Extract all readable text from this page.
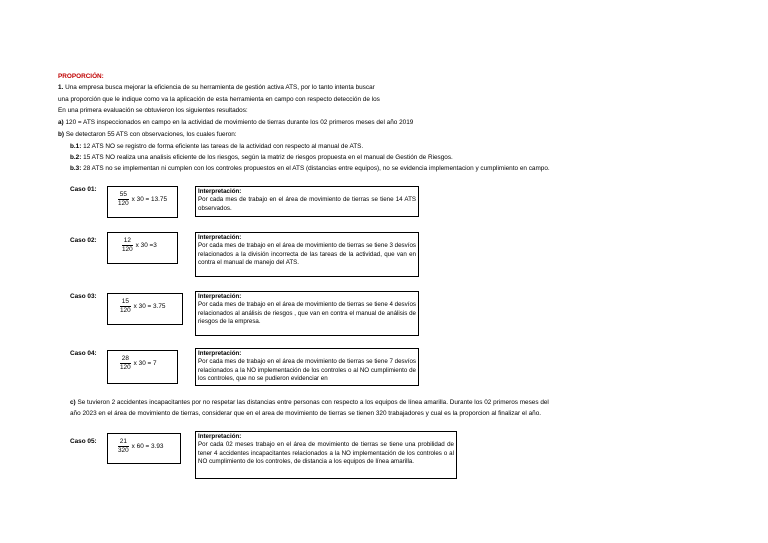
PROPORCIÓN:
1. Una empresa busca mejorar la eficiencia de su herramienta de gestión activa ATS, por lo tanto intenta buscar
una proporción que le indique como va la aplicación de esta herramienta en campo con respecto detección de los
En una primera evaluación se obtuvieron los siguientes resultados:
a) 120 = ATS inspeccionados en campo en la actividad de movimiento de tierras durante los 02 primeros meses del año 2019
b) Se detectaron 55 ATS con observaciones, los cuales fueron:
b.1: 12 ATS NO se registro de forma eficiente las tareas de la actividad con respecto al manual de ATS.
b.2: 15 ATS NO realiza una analisis eficiente de los riesgos, según la matriz de riesgos propuesta en el manual de Gestión de Riesgos.
b.3: 28 ATS no se implementan ni cumplen con los controles propuestos en el ATS (distancias entre equipos), no se evidencia implementacion y cumplimiento en campo.
Caso 01:
$\frac{55}{120}$ x 30 = 13.75
Interpretación:
Por cada mes de trabajo en el área de movimiento de tierras se tiene 14 ATS observados.
Caso 02:	$\frac{12}{120}$ x 30 =3
Interpretación:
Por cada mes de trabajo en el área de movimiento de tierras se tiene 3 desvíos relacionados a la división incorrecta de las tareas de la actividad, que van en contra el manual de manejo del ATS.
Caso 03:
$\frac{15}{120}$ x 30 = 3.75
Interpretación:
Por cada mes de trabajo en el área de movimiento de tierras se tiene 4 desvíos relacionados al análisis de riesgos , que van en contra el manual de análisis de riesgos de la empresa.
Caso 04:
$\frac{28}{120}$ x 30 = 7
Interpretación:
Por cada mes de trabajo en el área de movimiento de tierras se tiene 7 desvíos relacionados a la NO implementación de los controles o al NO cumplimiento de los controles, que no se pudieron evidenciar en
c) Se tuvieron 2 accidentes incapacitantes por no respetar las distancias entre personas con respecto a los equipos de línea amarilla. Durante los 02 primeros meses del
año 2023 en el área de movimiento de tierras, considerar que en el area de movimiento de tierras se tienen 320 trabajadores y cual es la proporcion al finalizar el año.
Caso 05:	$\frac{21}{320}$ x 60 = 3.93
Interpretación:
Por cada 02 meses trabajo en el área de movimiento de tierras se tiene una probilidad de tener 4 accidentes incapacitantes relacionados a la NO implementación de los controles o al NO cumplimiento de los controles, de distancia a los equipos de línea amarilla.
